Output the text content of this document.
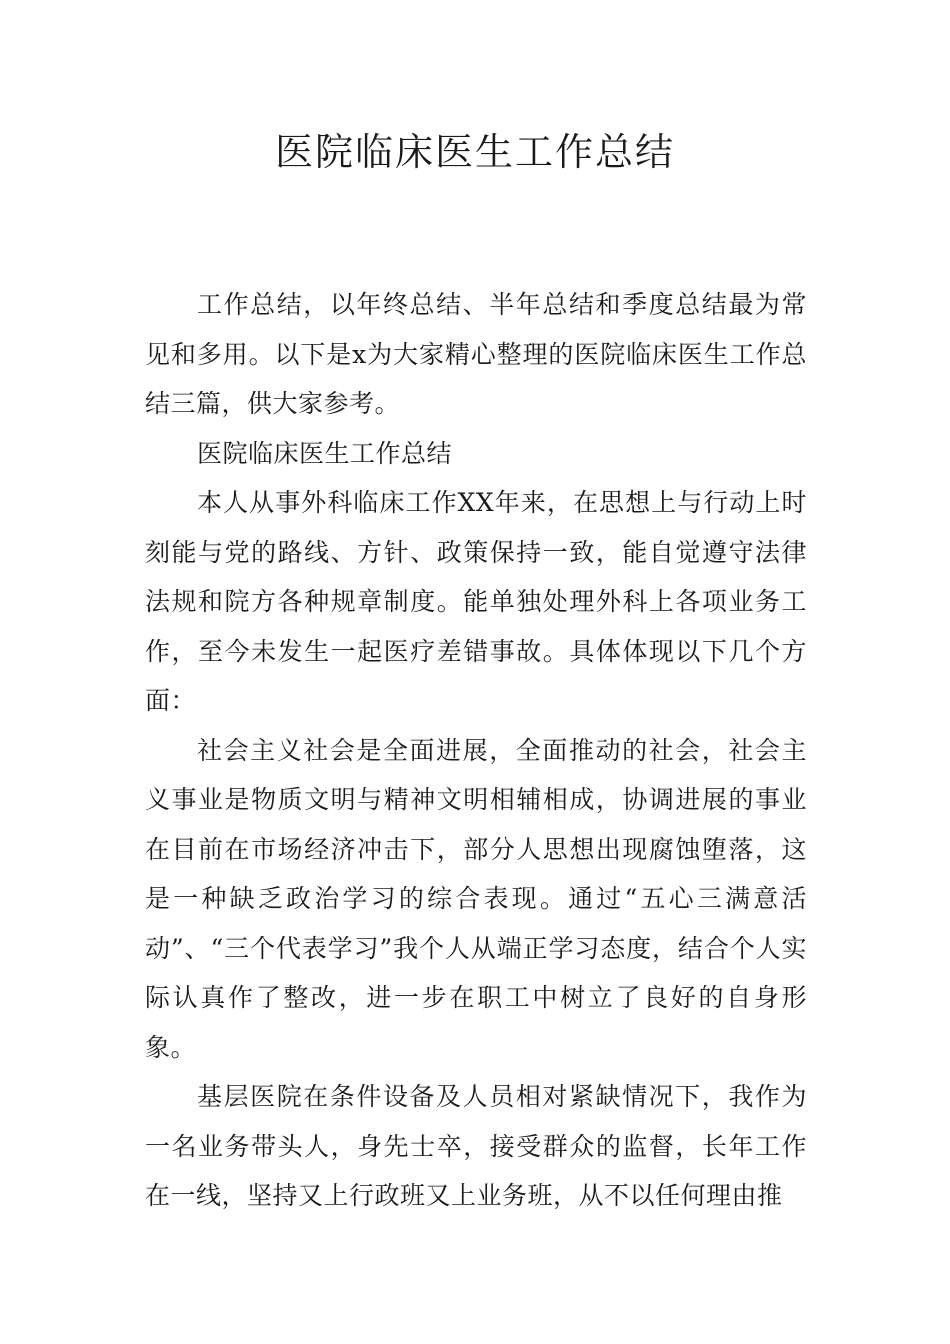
医院临床医生工作总结

工作总结，以年终总结、半年总结和季度总结最为常见和多用。以下是x为大家精心整理的医院临床医生工作总结三篇，供大家参考。

医院临床医生工作总结

本人从事外科临床工作XX年来，在思想上与行动上时刻能与党的路线、方针、政策保持一致，能自觉遵守法律法规和院方各种规章制度。能单独处理外科上各项业务工作，至今未发生一起医疗差错事故。具体体现以下几个方面：

社会主义社会是全面进展，全面推动的社会，社会主义事业是物质文明与精神文明相辅相成，协调进展的事业在目前在市场经济冲击下，部分人思想出现腐蚀堕落，这是一种缺乏政治学习的综合表现。通过“五心三满意活动”、“三个代表学习”我个人从端正学习态度，结合个人实际认真作了整改，进一步在职工中树立了良好的自身形象。

基层医院在条件设备及人员相对紧缺情况下，我作为一名业务带头人，身先士卒，接受群众的监督，长年工作在一线，坚持又上行政班又上业务班，从不以任何理由推
